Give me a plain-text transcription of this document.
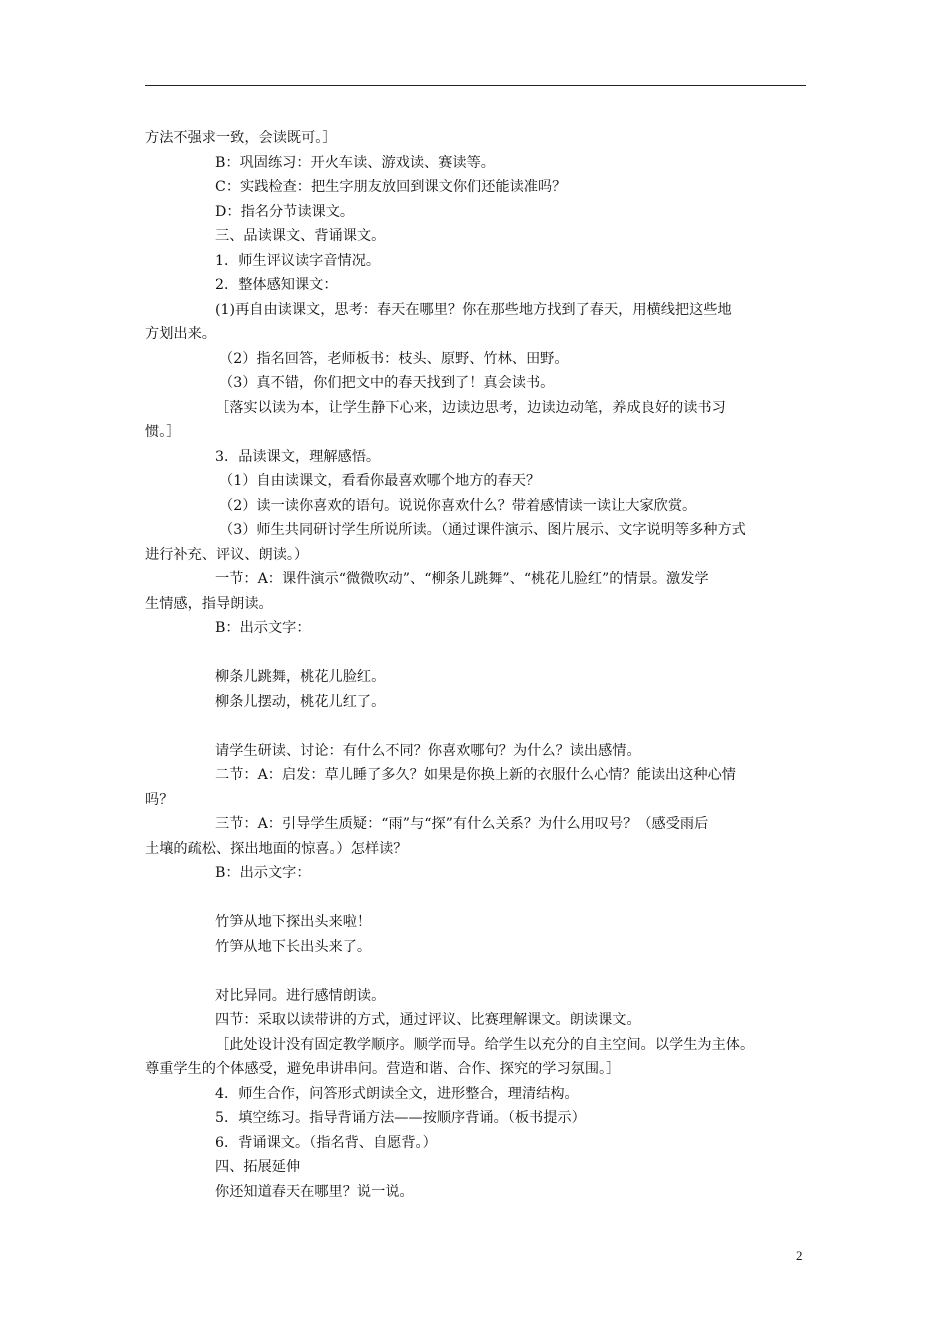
方法不强求一致，会读既可。］
B：巩固练习：开火车读、游戏读、赛读等。
C：实践检查：把生字朋友放回到课文你们还能读准吗？
D：指名分节读课文。
三、品读课文、背诵课文。
1．师生评议读字音情况。
2．整体感知课文：
(1)再自由读课文，思考：春天在哪里？你在那些地方找到了春天，用横线把这些地
方划出来。
（2）指名回答，老师板书：枝头、原野、竹林、田野。
（3）真不错，你们把文中的春天找到了！真会读书。
［落实以读为本，让学生静下心来，边读边思考，边读边动笔，养成良好的读书习
惯。］
3．品读课文，理解感悟。
（1）自由读课文，看看你最喜欢哪个地方的春天？
（2）读一读你喜欢的语句。说说你喜欢什么？带着感情读一读让大家欣赏。
（3）师生共同研讨学生所说所读。（通过课件演示、图片展示、文字说明等多种方式
进行补充、评议、朗读。）
一节：A：课件演示“微微吹动”、“柳条儿跳舞”、“桃花儿脸红”的情景。激发学
生情感，指导朗读。
B：出示文字：
柳条儿跳舞，桃花儿脸红。
柳条儿摆动，桃花儿红了。
请学生研读、讨论：有什么不同？你喜欢哪句？为什么？读出感情。
二节：A：启发：草儿睡了多久？如果是你换上新的衣服什么心情？能读出这种心情
吗？
三节：A：引导学生质疑：“雨”与“探”有什么关系？为什么用叹号？（感受雨后
土壤的疏松、探出地面的惊喜。）怎样读？
B：出示文字：
竹笋从地下探出头来啦！
竹笋从地下长出头来了。
对比异同。进行感情朗读。
四节：采取以读带讲的方式，通过评议、比赛理解课文。朗读课文。
［此处设计没有固定教学顺序。顺学而导。给学生以充分的自主空间。以学生为主体。
尊重学生的个体感受，避免串讲串问。营造和谐、合作、探究的学习氛围。］
4．师生合作，问答形式朗读全文，进形整合，理清结构。
5．填空练习。指导背诵方法——按顺序背诵。（板书提示）
6．背诵课文。（指名背、自愿背。）
四、拓展延伸
你还知道春天在哪里？说一说。
2
